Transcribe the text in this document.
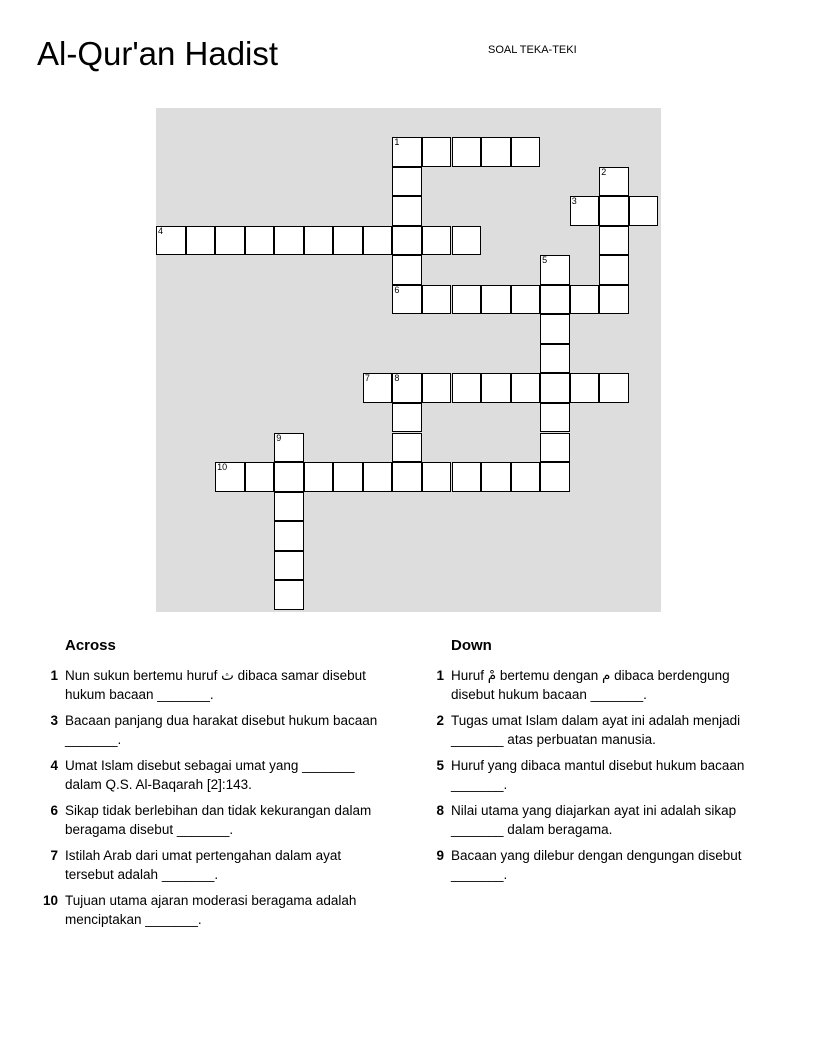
Al-Qur'an Hadist	SOAL TEKA-TEKI
1
6
2
3
4
5
7	8
9
10
Across
1 Nun sukun bertemu huruf ث dibaca samar disebut hukum bacaan _______.
3 Bacaan panjang dua harakat disebut hukum bacaan _______.
4 Umat Islam disebut sebagai umat yang _______ dalam Q.S. Al-Baqarah [2]:143.
6 Sikap tidak berlebihan dan tidak kekurangan dalam beragama disebut _______.
7 Istilah Arab dari umat pertengahan dalam ayat tersebut adalah _______.
10 Tujuan utama ajaran moderasi beragama adalah menciptakan _______.
Down
1 Huruf مْ bertemu dengan م dibaca berdengung disebut hukum bacaan _______.
2 Tugas umat Islam dalam ayat ini adalah menjadi _______ atas perbuatan manusia.
5 Huruf yang dibaca mantul disebut hukum bacaan _______.
8 Nilai utama yang diajarkan ayat ini adalah sikap _______ dalam beragama.
9 Bacaan yang dilebur dengan dengungan disebut _______.
